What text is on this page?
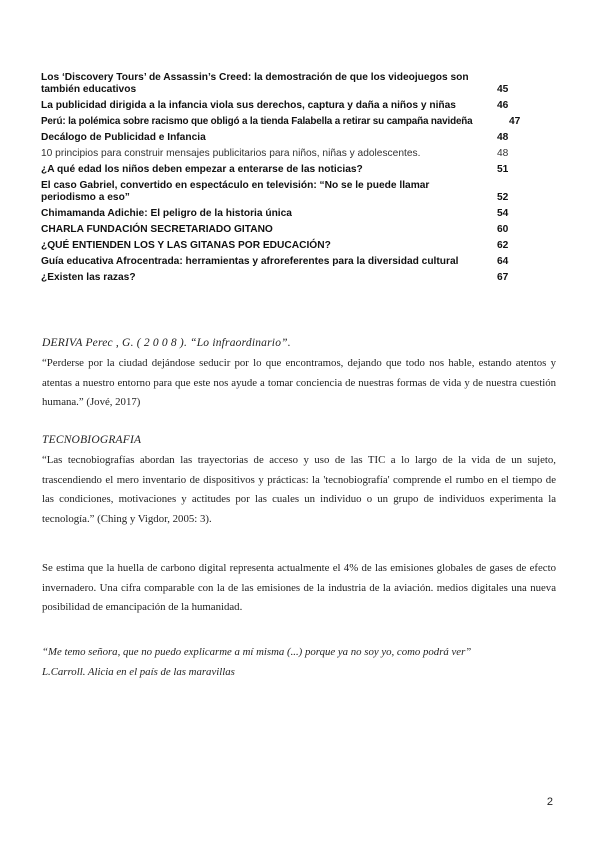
Los ‘Discovery Tours’ de Assassin’s Creed: la demostración de que los videojuegos son también educativos	45
La publicidad dirigida a la infancia viola sus derechos, captura y daña a niños y niñas	46
Perú: la polémica sobre racismo que obligó a la tienda Falabella a retirar su campaña navideña	47
Decálogo de Publicidad e Infancia	48
10 principios para construir mensajes publicitarios para niños, niñas y adolescentes.	48
¿A qué edad los niños deben empezar a enterarse de las noticias?	51
El caso Gabriel, convertido en espectáculo en televisión: “No se le puede llamar periodismo a eso”	52
Chimamanda Adichie: El peligro de la historia única	54
CHARLA FUNDACIÓN SECRETARIADO GITANO	60
¿QUÉ ENTIENDEN LOS Y LAS GITANAS POR EDUCACIÓN?	62
Guía educativa Afrocentrada: herramientas y afroreferentes para la diversidad cultural	64
¿Existen las razas?	67

DERIVA Perec , G. ( 2 0 0 8 ). “Lo infraordinario”.

“Perderse por la ciudad dejándose seducir por lo que encontramos, dejando que todo nos hable, estando atentos y atentas a nuestro entorno para que este nos ayude a tomar conciencia de nuestras formas de vida y de nuestra cuestión humana.” (Jové, 2017)

TECNOBIOGRAFIA

“Las tecnobiografías abordan las trayectorias de acceso y uso de las TIC a lo largo de la vida de un sujeto, trascendiendo el mero inventario de dispositivos y prácticas: la 'tecnobiografía' comprende el rumbo en el tiempo de las condiciones, motivaciones y actitudes por las cuales un individuo o un grupo de individuos experimenta la tecnología.” (Ching y Vigdor, 2005: 3).

Se estima que la huella de carbono digital representa actualmente el 4% de las emisiones globales de gases de efecto invernadero. Una cifra comparable con la de las emisiones de la industria de la aviación. medios digitales una nueva posibilidad de emancipación de la humanidad.

“Me temo señora, que no puedo explicarme a mí misma (...) porque ya no soy yo, como podrá ver”

L.Carroll. Alicia en el país de las maravillas

2
